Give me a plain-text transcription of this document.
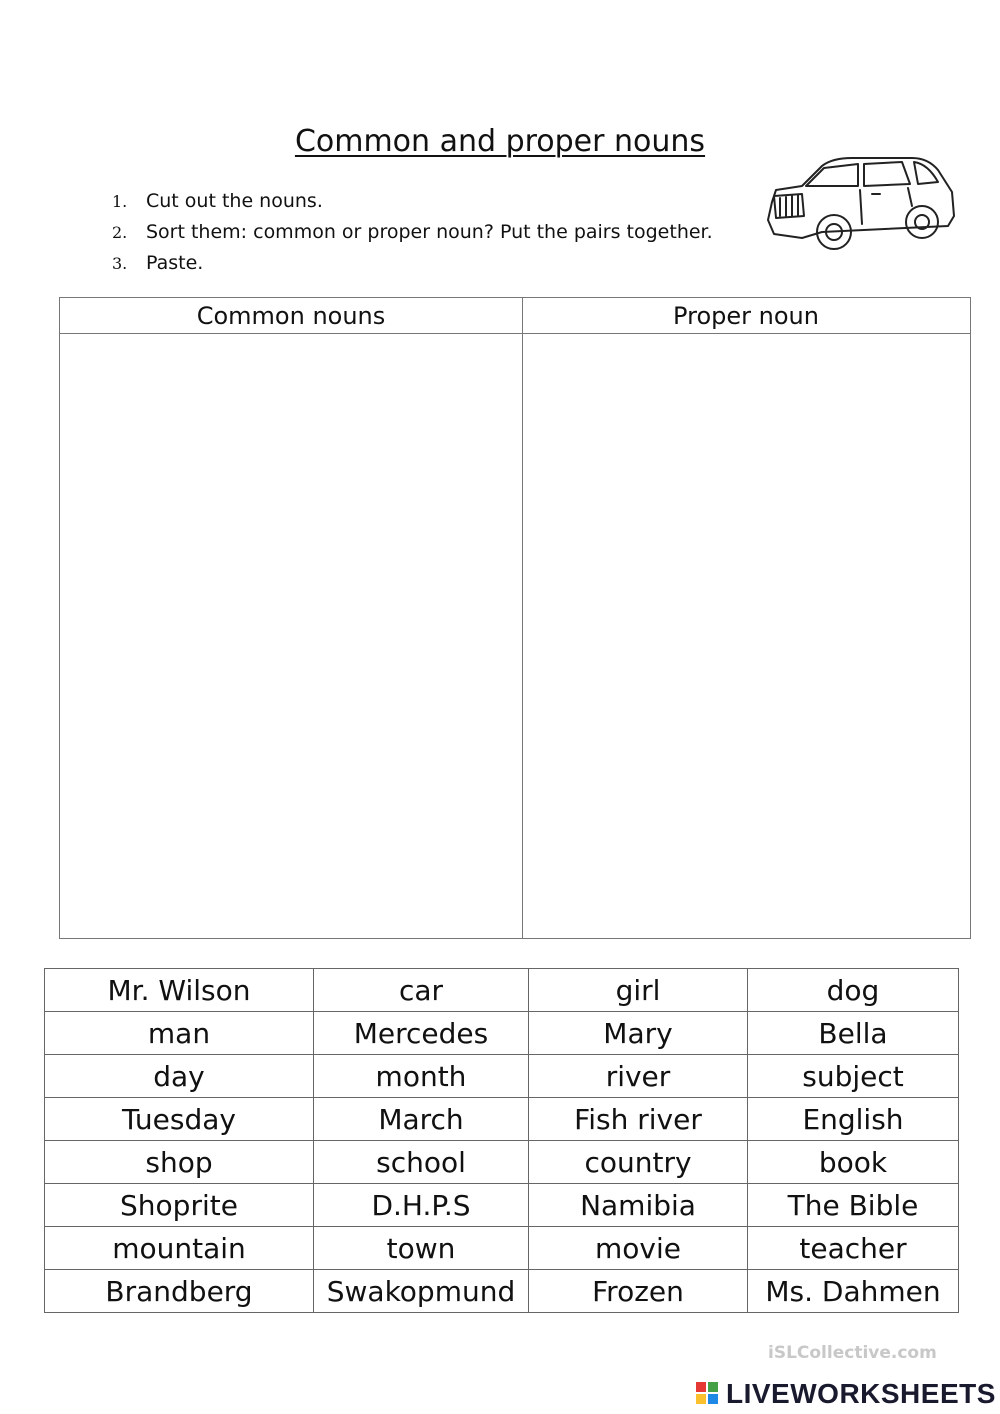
Common and proper nouns
1. Cut out the nouns.
2. Sort them: common or proper noun? Put the pairs together.
3. Paste.
Common nouns	Proper noun
Mr. Wilson	car	girl	dog
man	Mercedes	Mary	Bella
day	month	river	subject
Tuesday	March	Fish river	English
shop	school	country	book
Shoprite	D.H.P.S	Namibia	The Bible
mountain	town	movie	teacher
Brandberg	Swakopmund	Frozen	Ms. Dahmen
iSLCollective.com
LIVEWORKSHEETS
